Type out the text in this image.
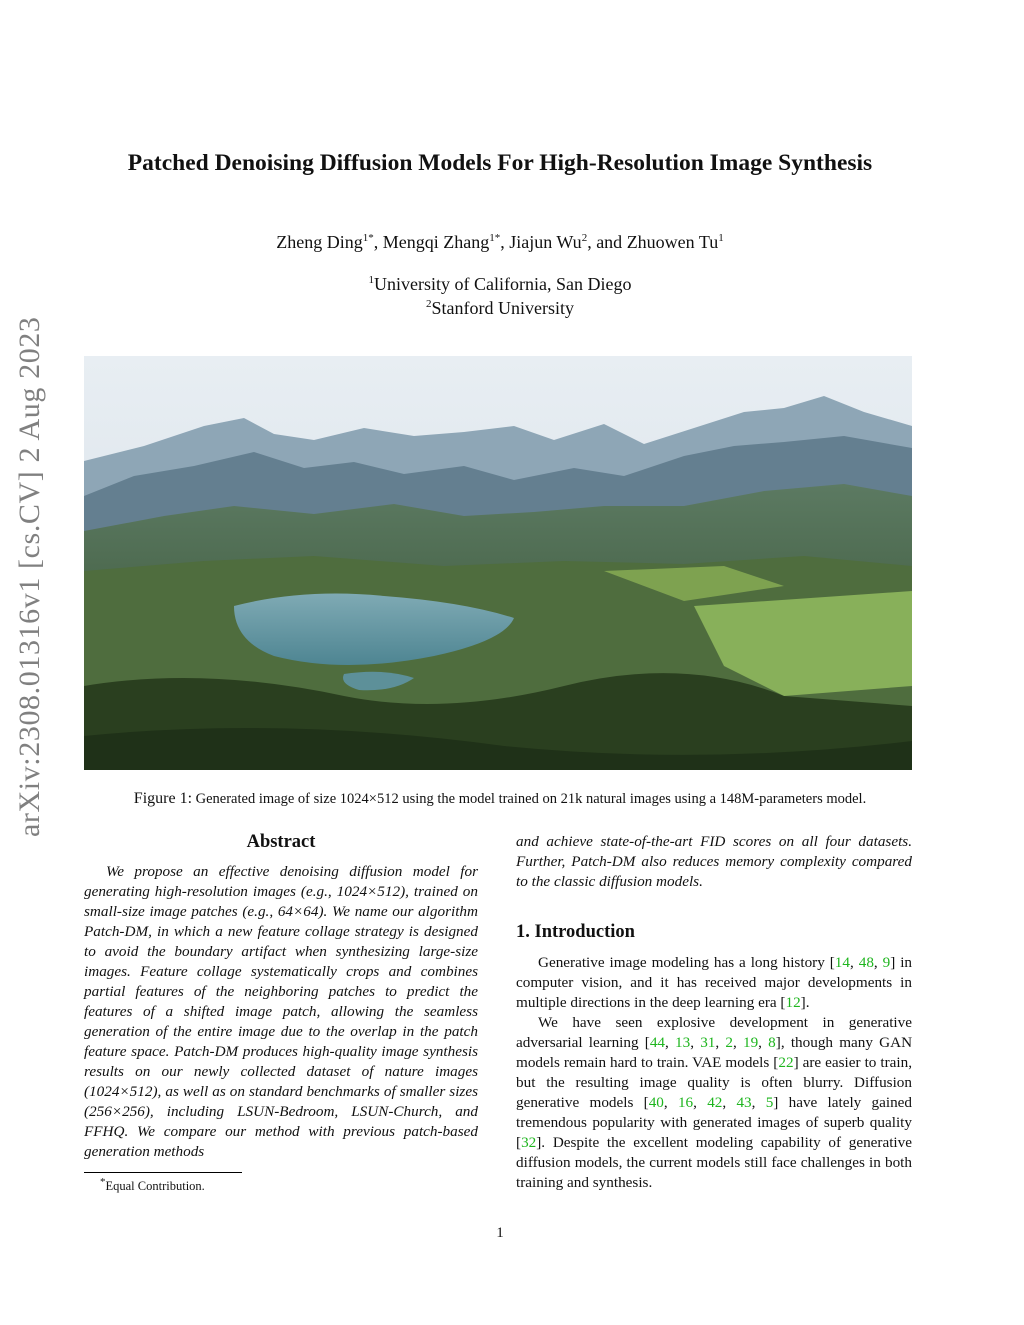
arXiv:2308.01316v1 [cs.CV] 2 Aug 2023
Patched Denoising Diffusion Models For High-Resolution Image Synthesis
Zheng Ding$^{1*}$, Mengqi Zhang$^{1*}$, Jiajun Wu$^2$, and Zhuowen Tu$^1$
$^1$University of California, San Diego
$^2$Stanford University
Figure 1: Generated image of size 1024×512 using the model trained on 21k natural images using a 148M-parameters model.
Abstract

We propose an effective denoising diffusion model for generating high-resolution images (e.g., 1024×512), trained on small-size image patches (e.g., 64×64). We name our algorithm Patch-DM, in which a new feature collage strategy is designed to avoid the boundary artifact when synthesizing large-size images. Feature collage systematically crops and combines partial features of the neighboring patches to predict the features of a shifted image patch, allowing the seamless generation of the entire image due to the overlap in the patch feature space. Patch-DM produces high-quality image synthesis results on our newly collected dataset of nature images (1024×512), as well as on standard benchmarks of smaller sizes (256×256), including LSUN-Bedroom, LSUN-Church, and FFHQ. We compare our method with previous patch-based generation methods

and achieve state-of-the-art FID scores on all four datasets. Further, Patch-DM also reduces memory complexity compared to the classic diffusion models.

1. Introduction

Generative image modeling has a long history [14, 48, 9] in computer vision, and it has received major developments in multiple directions in the deep learning era [12].

We have seen explosive development in generative adversarial learning [44, 13, 31, 2, 19, 8], though many GAN models remain hard to train. VAE models [22] are easier to train, but the resulting image quality is often blurry. Diffusion generative models [40, 16, 42, 43, 5] have lately gained tremendous popularity with generated images of superb quality [32]. Despite the excellent modeling capability of generative diffusion models, the current models still face challenges in both training and synthesis.

*Equal Contribution.
1
